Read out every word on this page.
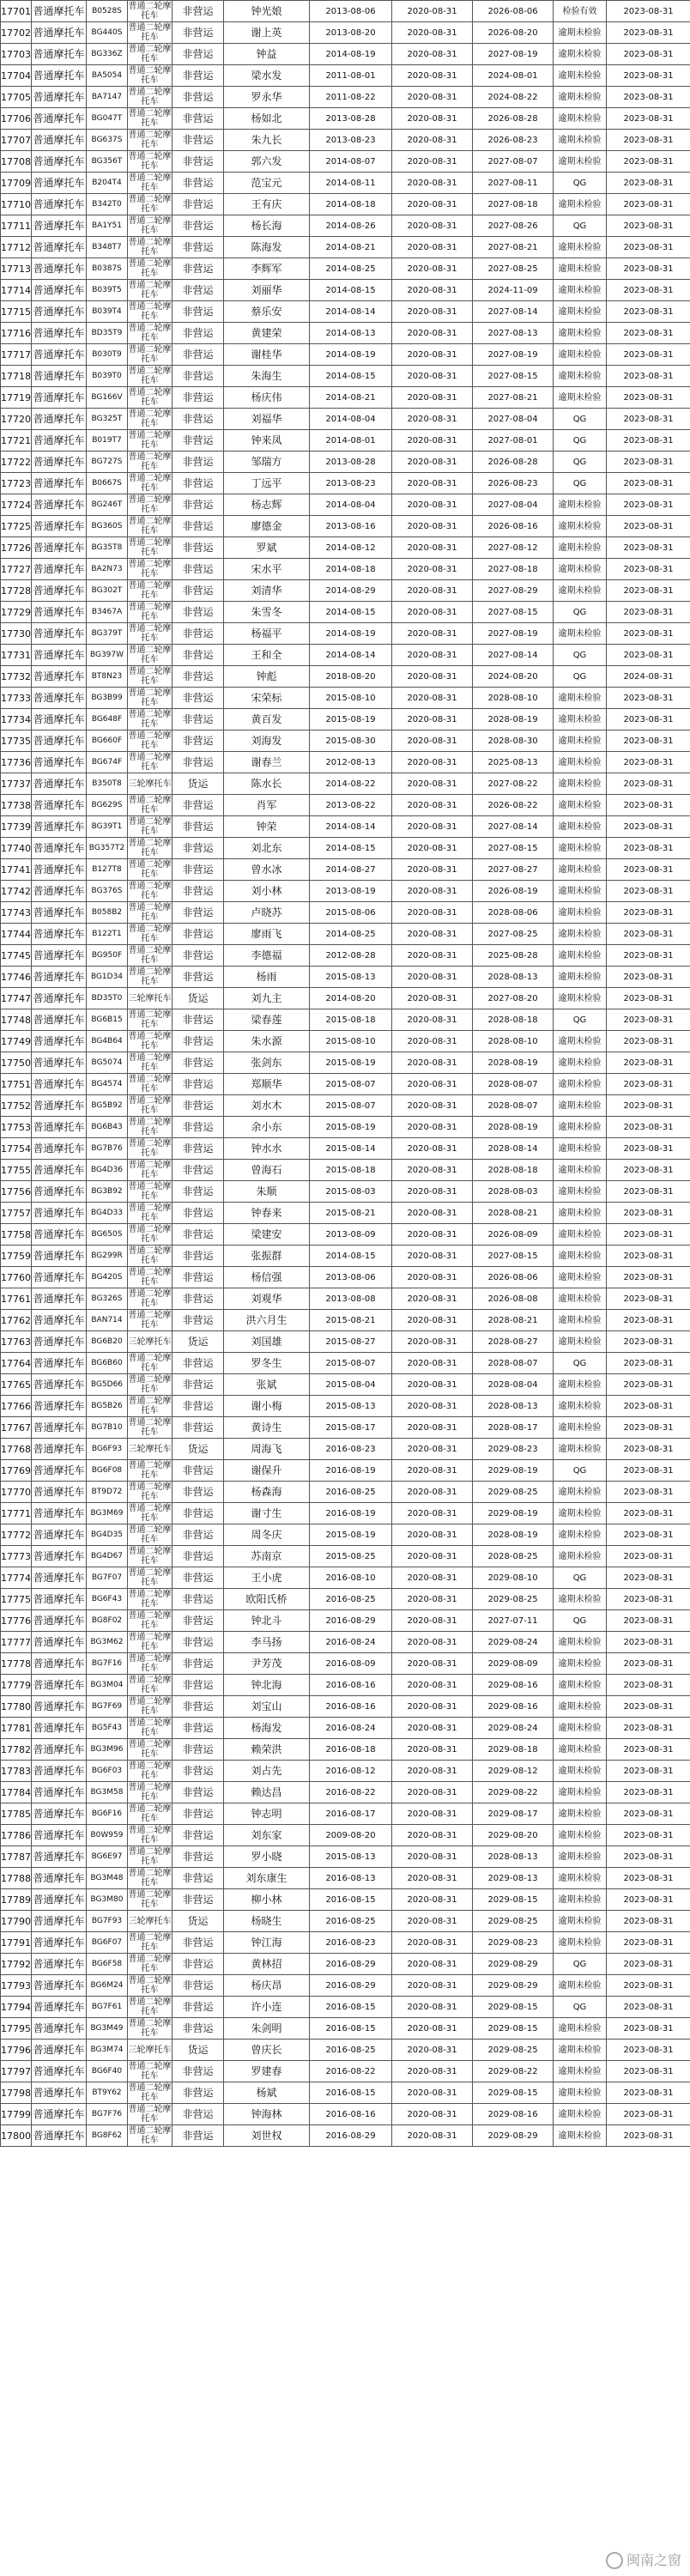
17701	普通摩托车	B0528S	普通二轮摩托车	非营运	钟光娘	2013-08-06	2020-08-31	2026-08-06	检验有效	2023-08-31
17702	普通摩托车	BG440S	普通二轮摩托车	非营运	谢上英	2013-08-20	2020-08-31	2026-08-20	逾期未检验	2023-08-31
17703	普通摩托车	BG336Z	普通二轮摩托车	非营运	钟益	2014-08-19	2020-08-31	2027-08-19	逾期未检验	2023-08-31
17704	普通摩托车	BA5054	普通二轮摩托车	非营运	梁水发	2011-08-01	2020-08-31	2024-08-01	逾期未检验	2023-08-31
17705	普通摩托车	BA7147	普通二轮摩托车	非营运	罗永华	2011-08-22	2020-08-31	2024-08-22	逾期未检验	2023-08-31
17706	普通摩托车	BG047T	普通二轮摩托车	非营运	杨如北	2013-08-28	2020-08-31	2026-08-28	逾期未检验	2023-08-31
17707	普通摩托车	BG637S	普通二轮摩托车	非营运	朱九长	2013-08-23	2020-08-31	2026-08-23	逾期未检验	2023-08-31
17708	普通摩托车	BG356T	普通二轮摩托车	非营运	郭六发	2014-08-07	2020-08-31	2027-08-07	逾期未检验	2023-08-31
17709	普通摩托车	B204T4	普通二轮摩托车	非营运	范宝元	2014-08-11	2020-08-31	2027-08-11	QG	2023-08-31
17710	普通摩托车	B342T0	普通二轮摩托车	非营运	王有庆	2014-08-18	2020-08-31	2027-08-18	逾期未检验	2023-08-31
17711	普通摩托车	BA1Y51	普通二轮摩托车	非营运	杨长海	2014-08-26	2020-08-31	2027-08-26	QG	2023-08-31
17712	普通摩托车	B348T7	普通二轮摩托车	非营运	陈海发	2014-08-21	2020-08-31	2027-08-21	逾期未检验	2023-08-31
17713	普通摩托车	B0387S	普通二轮摩托车	非营运	李辉军	2014-08-25	2020-08-31	2027-08-25	逾期未检验	2023-08-31
17714	普通摩托车	B039T5	普通二轮摩托车	非营运	刘丽华	2014-08-15	2020-08-31	2024-11-09	逾期未检验	2023-08-31
17715	普通摩托车	B039T4	普通二轮摩托车	非营运	蔡乐安	2014-08-14	2020-08-31	2027-08-14	逾期未检验	2023-08-31
17716	普通摩托车	BD35T9	普通二轮摩托车	非营运	黄建荣	2014-08-13	2020-08-31	2027-08-13	逾期未检验	2023-08-31
17717	普通摩托车	B030T9	普通二轮摩托车	非营运	谢桂华	2014-08-19	2020-08-31	2027-08-19	逾期未检验	2023-08-31
17718	普通摩托车	B039T0	普通二轮摩托车	非营运	朱海生	2014-08-15	2020-08-31	2027-08-15	逾期未检验	2023-08-31
17719	普通摩托车	BG166V	普通二轮摩托车	非营运	杨庆伟	2014-08-21	2020-08-31	2027-08-21	逾期未检验	2023-08-31
17720	普通摩托车	BG325T	普通二轮摩托车	非营运	刘福华	2014-08-04	2020-08-31	2027-08-04	QG	2023-08-31
17721	普通摩托车	B019T7	普通二轮摩托车	非营运	钟来凤	2014-08-01	2020-08-31	2027-08-01	QG	2023-08-31
17722	普通摩托车	BG727S	普通二轮摩托车	非营运	邹瑞方	2013-08-28	2020-08-31	2026-08-28	QG	2023-08-31
17723	普通摩托车	B0667S	普通二轮摩托车	非营运	丁远平	2013-08-23	2020-08-31	2026-08-23	QG	2023-08-31
17724	普通摩托车	BG246T	普通二轮摩托车	非营运	杨志辉	2014-08-04	2020-08-31	2027-08-04	逾期未检验	2023-08-31
17725	普通摩托车	BG360S	普通二轮摩托车	非营运	廖德金	2013-08-16	2020-08-31	2026-08-16	逾期未检验	2023-08-31
17726	普通摩托车	BG35T8	普通二轮摩托车	非营运	罗斌	2014-08-12	2020-08-31	2027-08-12	逾期未检验	2023-08-31
17727	普通摩托车	BA2N73	普通二轮摩托车	非营运	宋水平	2014-08-18	2020-08-31	2027-08-18	逾期未检验	2023-08-31
17728	普通摩托车	BG302T	普通二轮摩托车	非营运	刘清华	2014-08-29	2020-08-31	2027-08-29	逾期未检验	2023-08-31
17729	普通摩托车	B3467A	普通二轮摩托车	非营运	朱雪冬	2014-08-15	2020-08-31	2027-08-15	QG	2023-08-31
17730	普通摩托车	BG379T	普通二轮摩托车	非营运	杨福平	2014-08-19	2020-08-31	2027-08-19	逾期未检验	2023-08-31
17731	普通摩托车	BG397W	普通二轮摩托车	非营运	王和全	2014-08-14	2020-08-31	2027-08-14	QG	2023-08-31
17732	普通摩托车	BT8N23	普通二轮摩托车	非营运	钟彪	2018-08-20	2020-08-31	2024-08-20	QG	2024-08-31
17733	普通摩托车	BG3B99	普通二轮摩托车	非营运	宋荣标	2015-08-10	2020-08-31	2028-08-10	逾期未检验	2023-08-31
17734	普通摩托车	BG648F	普通二轮摩托车	非营运	黄百发	2015-08-19	2020-08-31	2028-08-19	逾期未检验	2023-08-31
17735	普通摩托车	BG660F	普通二轮摩托车	非营运	刘海发	2015-08-30	2020-08-31	2028-08-30	逾期未检验	2023-08-31
17736	普通摩托车	BG674F	普通二轮摩托车	非营运	谢春兰	2012-08-13	2020-08-31	2025-08-13	逾期未检验	2023-08-31
17737	普通摩托车	B350T8	三轮摩托车	货运	陈水长	2014-08-22	2020-08-31	2027-08-22	逾期未检验	2023-08-31
17738	普通摩托车	BG629S	普通二轮摩托车	非营运	肖军	2013-08-22	2020-08-31	2026-08-22	逾期未检验	2023-08-31
17739	普通摩托车	BG39T1	普通二轮摩托车	非营运	钟荣	2014-08-14	2020-08-31	2027-08-14	逾期未检验	2023-08-31
17740	普通摩托车	BG357T2	普通二轮摩托车	非营运	刘北东	2014-08-15	2020-08-31	2027-08-15	逾期未检验	2023-08-31
17741	普通摩托车	B127T8	普通二轮摩托车	非营运	曾水冰	2014-08-27	2020-08-31	2027-08-27	逾期未检验	2023-08-31
17742	普通摩托车	BG376S	普通二轮摩托车	非营运	刘小林	2013-08-19	2020-08-31	2026-08-19	逾期未检验	2023-08-31
17743	普通摩托车	B058B2	普通二轮摩托车	非营运	卢晓苏	2015-08-06	2020-08-31	2028-08-06	逾期未检验	2023-08-31
17744	普通摩托车	B122T1	普通二轮摩托车	非营运	廖雨飞	2014-08-25	2020-08-31	2027-08-25	逾期未检验	2023-08-31
17745	普通摩托车	BG950F	普通二轮摩托车	非营运	李德福	2012-08-28	2020-08-31	2025-08-28	逾期未检验	2023-08-31
17746	普通摩托车	BG1D34	普通二轮摩托车	非营运	杨雨	2015-08-13	2020-08-31	2028-08-13	逾期未检验	2023-08-31
17747	普通摩托车	BD35T0	三轮摩托车	货运	刘九主	2014-08-20	2020-08-31	2027-08-20	逾期未检验	2023-08-31
17748	普通摩托车	BG6B15	普通二轮摩托车	非营运	梁春莲	2015-08-18	2020-08-31	2028-08-18	QG	2023-08-31
17749	普通摩托车	BG4B64	普通二轮摩托车	非营运	朱水源	2015-08-10	2020-08-31	2028-08-10	逾期未检验	2023-08-31
17750	普通摩托车	BG5074	普通二轮摩托车	非营运	张剑东	2015-08-19	2020-08-31	2028-08-19	逾期未检验	2023-08-31
17751	普通摩托车	BG4574	普通二轮摩托车	非营运	郑顺华	2015-08-07	2020-08-31	2028-08-07	逾期未检验	2023-08-31
17752	普通摩托车	BG5B92	普通二轮摩托车	非营运	刘水木	2015-08-07	2020-08-31	2028-08-07	逾期未检验	2023-08-31
17753	普通摩托车	BG6B43	普通二轮摩托车	非营运	余小东	2015-08-19	2020-08-31	2028-08-19	逾期未检验	2023-08-31
17754	普通摩托车	BG7B76	普通二轮摩托车	非营运	钟水水	2015-08-14	2020-08-31	2028-08-14	逾期未检验	2023-08-31
17755	普通摩托车	BG4D36	普通二轮摩托车	非营运	曾海石	2015-08-18	2020-08-31	2028-08-18	逾期未检验	2023-08-31
17756	普通摩托车	BG3B92	普通二轮摩托车	非营运	朱顺	2015-08-03	2020-08-31	2028-08-03	逾期未检验	2023-08-31
17757	普通摩托车	BG4D33	普通二轮摩托车	非营运	钟春来	2015-08-21	2020-08-31	2028-08-21	逾期未检验	2023-08-31
17758	普通摩托车	BG650S	普通二轮摩托车	非营运	梁建安	2013-08-09	2020-08-31	2026-08-09	逾期未检验	2023-08-31
17759	普通摩托车	BG299R	普通二轮摩托车	非营运	张振群	2014-08-15	2020-08-31	2027-08-15	逾期未检验	2023-08-31
17760	普通摩托车	BG420S	普通二轮摩托车	非营运	杨信强	2013-08-06	2020-08-31	2026-08-06	逾期未检验	2023-08-31
17761	普通摩托车	BG326S	普通二轮摩托车	非营运	刘观华	2013-08-08	2020-08-31	2026-08-08	逾期未检验	2023-08-31
17762	普通摩托车	BAN714	普通二轮摩托车	非营运	洪六月生	2015-08-21	2020-08-31	2028-08-21	逾期未检验	2023-08-31
17763	普通摩托车	BG6B20	三轮摩托车	货运	刘国雄	2015-08-27	2020-08-31	2028-08-27	逾期未检验	2023-08-31
17764	普通摩托车	BG6B60	普通二轮摩托车	非营运	罗冬生	2015-08-07	2020-08-31	2028-08-07	QG	2023-08-31
17765	普通摩托车	BG5D66	普通二轮摩托车	非营运	张斌	2015-08-04	2020-08-31	2028-08-04	逾期未检验	2023-08-31
17766	普通摩托车	BG5B26	普通二轮摩托车	非营运	谢小梅	2015-08-13	2020-08-31	2028-08-13	逾期未检验	2023-08-31
17767	普通摩托车	BG7B10	普通二轮摩托车	非营运	黄诗生	2015-08-17	2020-08-31	2028-08-17	逾期未检验	2023-08-31
17768	普通摩托车	BG6F93	三轮摩托车	货运	周海飞	2016-08-23	2020-08-31	2029-08-23	逾期未检验	2023-08-31
17769	普通摩托车	BG6F08	普通二轮摩托车	非营运	谢保升	2016-08-19	2020-08-31	2029-08-19	QG	2023-08-31
17770	普通摩托车	BT9D72	普通二轮摩托车	非营运	杨森海	2016-08-25	2020-08-31	2029-08-25	逾期未检验	2023-08-31
17771	普通摩托车	BG3M69	普通二轮摩托车	非营运	谢寸生	2016-08-19	2020-08-31	2029-08-19	逾期未检验	2023-08-31
17772	普通摩托车	BG4D35	普通二轮摩托车	非营运	周冬庆	2015-08-19	2020-08-31	2028-08-19	逾期未检验	2023-08-31
17773	普通摩托车	BG4D67	普通二轮摩托车	非营运	苏南京	2015-08-25	2020-08-31	2028-08-25	逾期未检验	2023-08-31
17774	普通摩托车	BG7F07	普通二轮摩托车	非营运	王小虎	2016-08-10	2020-08-31	2029-08-10	QG	2023-08-31
17775	普通摩托车	BG6F43	普通二轮摩托车	非营运	欧阳氏桥	2016-08-25	2020-08-31	2029-08-25	逾期未检验	2023-08-31
17776	普通摩托车	BG8F02	普通二轮摩托车	非营运	钟北斗	2016-08-29	2020-08-31	2027-07-11	QG	2023-08-31
17777	普通摩托车	BG3M62	普通二轮摩托车	非营运	李马扬	2016-08-24	2020-08-31	2029-08-24	逾期未检验	2023-08-31
17778	普通摩托车	BG7F16	普通二轮摩托车	非营运	尹芳茂	2016-08-09	2020-08-31	2029-08-09	逾期未检验	2023-08-31
17779	普通摩托车	BG3M04	普通二轮摩托车	非营运	钟北海	2016-08-16	2020-08-31	2029-08-16	逾期未检验	2023-08-31
17780	普通摩托车	BG7F69	普通二轮摩托车	非营运	刘宝山	2016-08-16	2020-08-31	2029-08-16	逾期未检验	2023-08-31
17781	普通摩托车	BG5F43	普通二轮摩托车	非营运	杨海发	2016-08-24	2020-08-31	2029-08-24	逾期未检验	2023-08-31
17782	普通摩托车	BG3M96	普通二轮摩托车	非营运	赖荣洪	2016-08-18	2020-08-31	2029-08-18	逾期未检验	2023-08-31
17783	普通摩托车	BG6F03	普通二轮摩托车	非营运	刘占先	2016-08-12	2020-08-31	2029-08-12	逾期未检验	2023-08-31
17784	普通摩托车	BG3M58	普通二轮摩托车	非营运	赖达昌	2016-08-22	2020-08-31	2029-08-22	逾期未检验	2023-08-31
17785	普通摩托车	BG6F16	普通二轮摩托车	非营运	钟志明	2016-08-17	2020-08-31	2029-08-17	逾期未检验	2023-08-31
17786	普通摩托车	B0W959	普通二轮摩托车	非营运	刘东家	2009-08-20	2020-08-31	2029-08-20	逾期未检验	2023-08-31
17787	普通摩托车	BG6E97	普通二轮摩托车	非营运	罗小晓	2015-08-13	2020-08-31	2028-08-13	逾期未检验	2023-08-31
17788	普通摩托车	BG3M48	普通二轮摩托车	非营运	刘东康生	2016-08-13	2020-08-31	2029-08-13	逾期未检验	2023-08-31
17789	普通摩托车	BG3M80	普通二轮摩托车	非营运	柳小林	2016-08-15	2020-08-31	2029-08-15	逾期未检验	2023-08-31
17790	普通摩托车	BG7F93	三轮摩托车	货运	杨晓生	2016-08-25	2020-08-31	2029-08-25	逾期未检验	2023-08-31
17791	普通摩托车	BG6F07	普通二轮摩托车	非营运	钟江海	2016-08-23	2020-08-31	2029-08-23	逾期未检验	2023-08-31
17792	普通摩托车	BG6F58	普通二轮摩托车	非营运	黄林招	2016-08-29	2020-08-31	2029-08-29	QG	2023-08-31
17793	普通摩托车	BG6M24	普通二轮摩托车	非营运	杨庆昂	2016-08-29	2020-08-31	2029-08-29	逾期未检验	2023-08-31
17794	普通摩托车	BG7F61	普通二轮摩托车	非营运	许小连	2016-08-15	2020-08-31	2029-08-15	QG	2023-08-31
17795	普通摩托车	BG3M49	普通二轮摩托车	非营运	朱剑明	2016-08-15	2020-08-31	2029-08-15	逾期未检验	2023-08-31
17796	普通摩托车	BG3M74	三轮摩托车	货运	曾庆长	2016-08-25	2020-08-31	2029-08-25	逾期未检验	2023-08-31
17797	普通摩托车	BG6F40	普通二轮摩托车	非营运	罗建春	2016-08-22	2020-08-31	2029-08-22	逾期未检验	2023-08-31
17798	普通摩托车	BT9Y62	普通二轮摩托车	非营运	杨斌	2016-08-15	2020-08-31	2029-08-15	逾期未检验	2023-08-31
17799	普通摩托车	BG7F76	普通二轮摩托车	非营运	钟海林	2016-08-16	2020-08-31	2029-08-16	逾期未检验	2023-08-31
17800	普通摩托车	BG8F62	普通二轮摩托车	非营运	刘世权	2016-08-29	2020-08-31	2029-08-29	逾期未检验	2023-08-31
闽南之窗
